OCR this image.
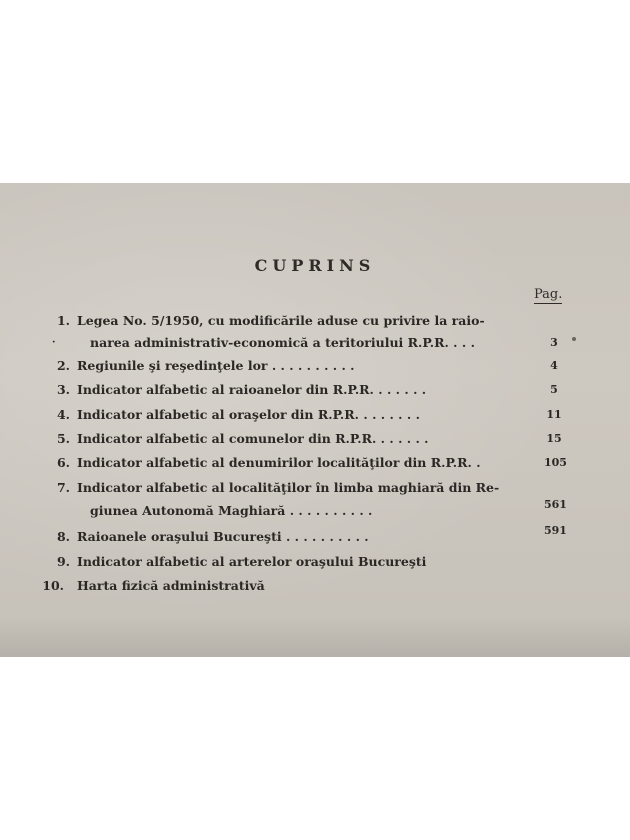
CUPRINS
Pag.
1. Legea No. 5/1950, cu modificările aduse cu privire la raio-
·	narea administrativ-economică a teritoriului R.P.R. . . .	3
2. Regiunile şi reşedinţele lor . . . . . . . . . .	4
3. Indicator alfabetic al raioanelor din R.P.R. . . . . . .	5
4. Indicator alfabetic al oraşelor din R.P.R. . . . . . . .	11
5. Indicator alfabetic al comunelor din R.P.R. . . . . . .	15
6. Indicator alfabetic al denumirilor localităţilor din R.P.R. .	105
7. Indicator alfabetic al localităţilor în limba maghiară din Re-
giunea Autonomă Maghiară . . . . . . . . . .	561
8. Raioanele oraşului Bucureşti . . . . . . . . . .	591
9. Indicator alfabetic al arterelor oraşului Bucureşti
10. Harta fizică administrativă
